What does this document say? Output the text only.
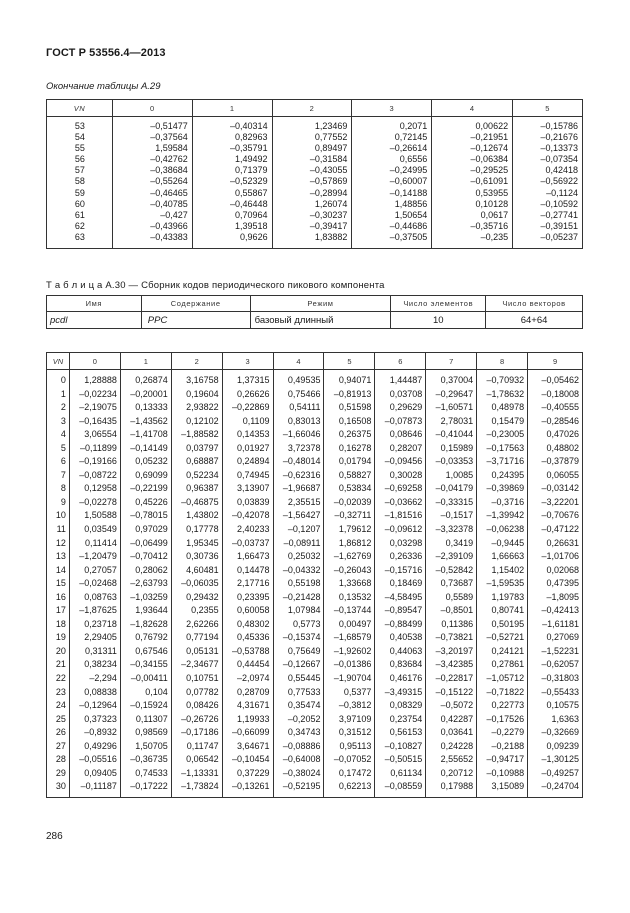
ГОСТ Р 53556.4—2013
Окончание таблицы А.29
VN	0	1	2	3	4	5
53	–0,51477	–0,40314	1,23469	0,2071	0,00622	–0,15786
54	–0,37564	0,82963	0,77552	0,72145	–0,21951	–0,21676
55	1,59584	–0,35791	0,89497	–0,26614	–0,12674	–0,13373
56	–0,42762	1,49492	–0,31584	0,6556	–0,06384	–0,07354
57	–0,38684	0,71379	–0,43055	–0,24995	–0,29525	0,42418
58	–0,55264	–0,52329	–0,57869	–0,60007	–0,61091	–0,56922
59	–0,46465	0,55867	–0,28994	–0,14188	0,53955	–0,1124
60	–0,40785	–0,46448	1,26074	1,48856	0,10128	–0,10592
61	–0,427	0,70964	–0,30237	1,50654	0,0617	–0,27741
62	–0,43966	1,39518	–0,39417	–0,44686	–0,35716	–0,39151
63	–0,43383	0,9626	1,83882	–0,37505	–0,235	–0,05237
Т а б л и ц а А.30 — Сборник кодов периодического пикового компонента
Имя	Содержание	Режим	Число элементов	Число векторов
pcdl	PPC	базовый длинный	10	64+64
VN	0	1	2	3	4	5	6	7	8	9
0	1,28888	0,26874	3,16758	1,37315	0,49535	0,94071	1,44487	0,37004	–0,70932	–0,05462
1	–0,02234	–0,20001	0,19604	0,26626	0,75466	–0,81913	0,03708	–0,29647	–1,78632	–0,18008
2	–2,19075	0,13333	2,93822	–0,22869	0,54111	0,51598	0,29629	–1,60571	0,48978	–0,40555
3	–0,16435	–1,43562	0,12102	0,1109	0,83013	0,16508	–0,07873	2,78031	0,15479	–0,28546
4	3,06554	–1,41708	–1,88582	0,14353	–1,66046	0,26375	0,08646	–0,41044	–0,23005	0,47026
5	–0,11899	–0,14149	0,03797	0,01927	3,72378	0,16278	0,28207	0,15989	–0,17563	0,48802
6	–0,19166	0,05232	0,68887	0,24894	–0,48014	0,01794	–0,09456	–0,03353	–3,71716	–0,37879
7	–0,08722	0,69099	0,52234	0,74945	–0,62316	0,58827	0,30028	1,0085	0,24395	0,06055
8	0,12958	–0,22199	0,96387	3,13907	–1,96687	0,53834	–0,69258	–0,04179	–0,39869	–0,03142
9	–0,02278	0,45226	–0,46875	0,03839	2,35515	–0,02039	–0,03662	–0,33315	–0,3716	–3,22201
10	1,50588	–0,78015	1,43802	–0,42078	–1,56427	–0,32711	–1,81516	–0,1517	–1,39942	–0,70676
11	0,03549	0,97029	0,17778	2,40233	–0,1207	1,79612	–0,09612	–3,32378	–0,06238	–0,47122
12	0,11414	–0,06499	1,95345	–0,03737	–0,08911	1,86812	0,03298	0,3419	–0,9445	0,26631
13	–1,20479	–0,70412	0,30736	1,66473	0,25032	–1,62769	0,26336	–2,39109	1,66663	–1,01706
14	0,27057	0,28062	4,60481	0,14478	–0,04332	–0,26043	–0,15716	–0,52842	1,15402	0,02068
15	–0,02468	–2,63793	–0,06035	2,17716	0,55198	1,33668	0,18469	0,73687	–1,59535	0,47395
16	0,08763	–1,03259	0,29432	0,23395	–0,21428	0,13532	–4,58495	0,5589	1,19783	–1,8095
17	–1,87625	1,93644	0,2355	0,60058	1,07984	–0,13744	–0,89547	–0,8501	0,80741	–0,42413
18	0,23718	–1,82628	2,62266	0,48302	0,5773	0,00497	–0,88499	0,11386	0,50195	–1,61181
19	2,29405	0,76792	0,77194	0,45336	–0,15374	–1,68579	0,40538	–0,73821	–0,52721	0,27069
20	0,31311	0,67546	0,05131	–0,53788	0,75649	–1,92602	0,44063	–3,20197	0,24121	–1,52231
21	0,38234	–0,34155	–2,34677	0,44454	–0,12667	–0,01386	0,83684	–3,42385	0,27861	–0,62057
22	–2,294	–0,00411	0,10751	–2,0974	0,55445	–1,90704	0,46176	–0,22817	–1,05712	–0,31803
23	0,08838	0,104	0,07782	0,28709	0,77533	0,5377	–3,49315	–0,15122	–0,71822	–0,55433
24	–0,12964	–0,15924	0,08426	4,31671	0,35474	–0,3812	0,08329	–0,5072	0,22773	0,10575
25	0,37323	0,11307	–0,26726	1,19933	–0,2052	3,97109	0,23754	0,42287	–0,17526	1,6363
26	–0,8932	0,98569	–0,17186	–0,66099	0,34743	0,31512	0,56153	0,03641	–0,2279	–0,32669
27	0,49296	1,50705	0,11747	3,64671	–0,08886	0,95113	–0,10827	0,24228	–0,2188	0,09239
28	–0,05516	–0,36735	0,06542	–0,10454	–0,64008	–0,07052	–0,50515	2,55652	–0,94717	–1,30125
29	0,09405	0,74533	–1,13331	0,37229	–0,38024	0,17472	0,61134	0,20712	–0,10988	–0,49257
30	–0,11187	–0,17222	–1,73824	–0,13261	–0,52195	0,62213	–0,08559	0,17988	3,15089	–0,24704
286
